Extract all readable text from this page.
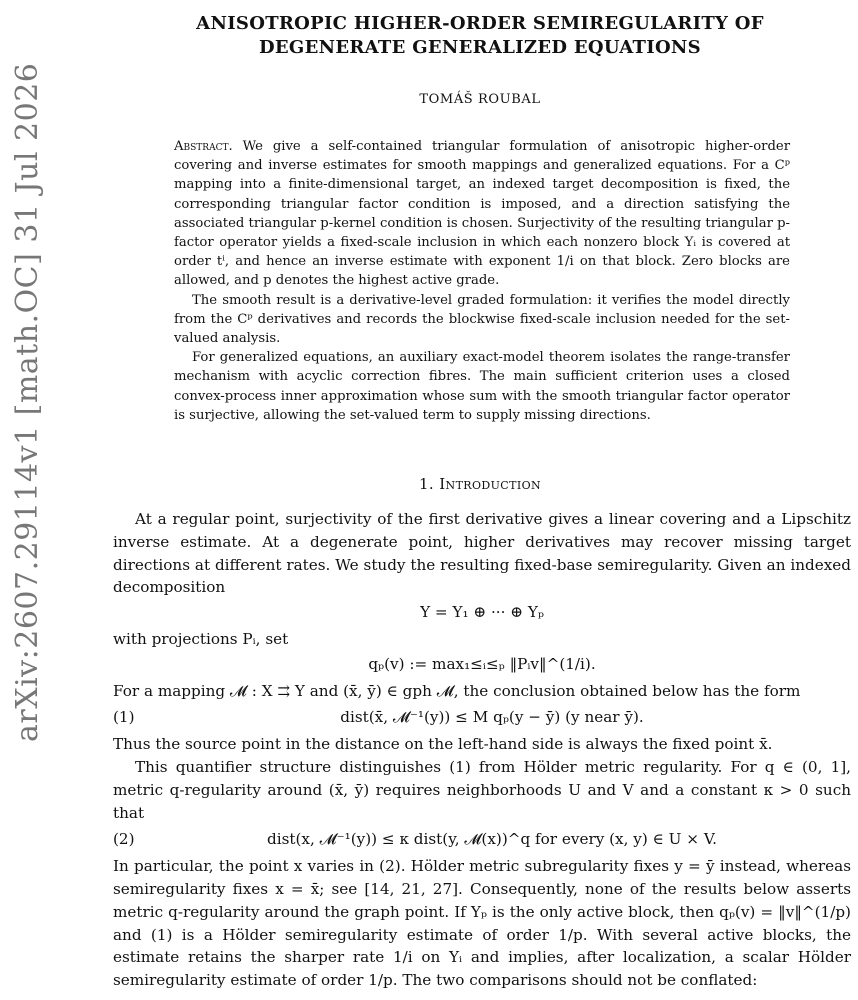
arXiv:2607.29114v1 [math.OC] 31 Jul 2026
ANISOTROPIC HIGHER-ORDER SEMIREGULARITY OF
DEGENERATE GENERALIZED EQUATIONS
TOMÁŠ ROUBAL

Abstract. We give a self-contained triangular formulation of anisotropic higher-order covering and inverse estimates for smooth mappings and generalized equations. For a Cᵖ mapping into a finite-dimensional target, an indexed target decomposition is fixed, the corresponding triangular factor condition is imposed, and a direction satisfying the associated triangular p-kernel condition is chosen. Surjectivity of the resulting triangular p-factor operator yields a fixed-scale inclusion in which each nonzero block Yᵢ is covered at order tⁱ, and hence an inverse estimate with exponent 1/i on that block. Zero blocks are allowed, and p denotes the highest active grade.

The smooth result is a derivative-level graded formulation: it verifies the model directly from the Cᵖ derivatives and records the blockwise fixed-scale inclusion needed for the set-valued analysis.

For generalized equations, an auxiliary exact-model theorem isolates the range-transfer mechanism with acyclic correction fibres. The main sufficient criterion uses a closed convex-process inner approximation whose sum with the smooth triangular factor operator is surjective, allowing the set-valued term to supply missing directions.

1. Introduction

At a regular point, surjectivity of the first derivative gives a linear covering and a Lipschitz inverse estimate. At a degenerate point, higher derivatives may recover missing target directions at different rates. We study the resulting fixed-base semiregularity. Given an indexed decomposition

Y = Y₁ ⊕ ··· ⊕ Yₚ

with projections Pᵢ, set

qₚ(v) := max₁≤ᵢ≤ₚ ‖Pᵢv‖^(1/i).

For a mapping 𝓜 : X ⇉ Y and (x̄, ȳ) ∈ gph 𝓜, the conclusion obtained below has the form

(1)	dist(x̄, 𝓜⁻¹(y)) ≤ M qₚ(y − ȳ) (y near ȳ).

Thus the source point in the distance on the left-hand side is always the fixed point x̄.

This quantifier structure distinguishes (1) from Hölder metric regularity. For q ∈ (0, 1], metric q-regularity around (x̄, ȳ) requires neighborhoods U and V and a constant κ > 0 such that

(2)	dist(x, 𝓜⁻¹(y)) ≤ κ dist(y, 𝓜(x))^q for every (x, y) ∈ U × V.

In particular, the point x varies in (2). Hölder metric subregularity fixes y = ȳ instead, whereas semiregularity fixes x = x̄; see [14, 21, 27]. Consequently, none of the results below asserts metric q-regularity around the graph point. If Yₚ is the only active block, then qₚ(v) = ‖v‖^(1/p) and (1) is a Hölder semiregularity estimate of order 1/p. With several active blocks, the estimate retains the sharper rate 1/i on Yᵢ and implies, after localization, a scalar Hölder semiregularity estimate of order 1/p. The two comparisons should not be conflated:
